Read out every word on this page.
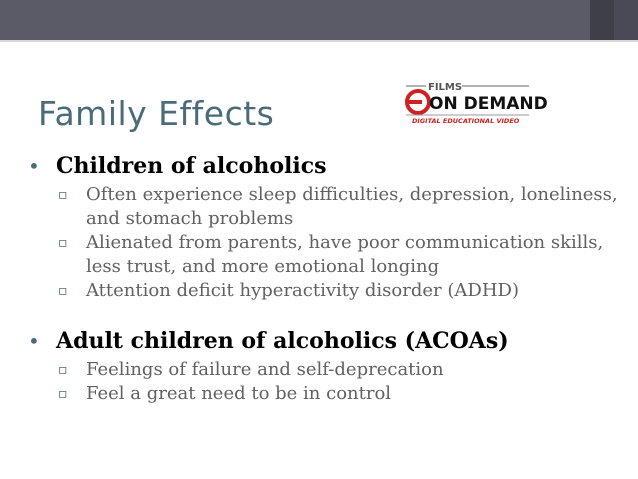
Family Effects
FILMS
ON DEMAND
DIGITAL EDUCATIONAL VIDEO
• Children of alcoholics
▫ Often experience sleep difficulties, depression, loneliness, and stomach problems
▫ Alienated from parents, have poor communication skills, less trust, and more emotional longing
▫ Attention deficit hyperactivity disorder (ADHD)
• Adult children of alcoholics (ACOAs)
▫ Feelings of failure and self-deprecation
▫ Feel a great need to be in control
